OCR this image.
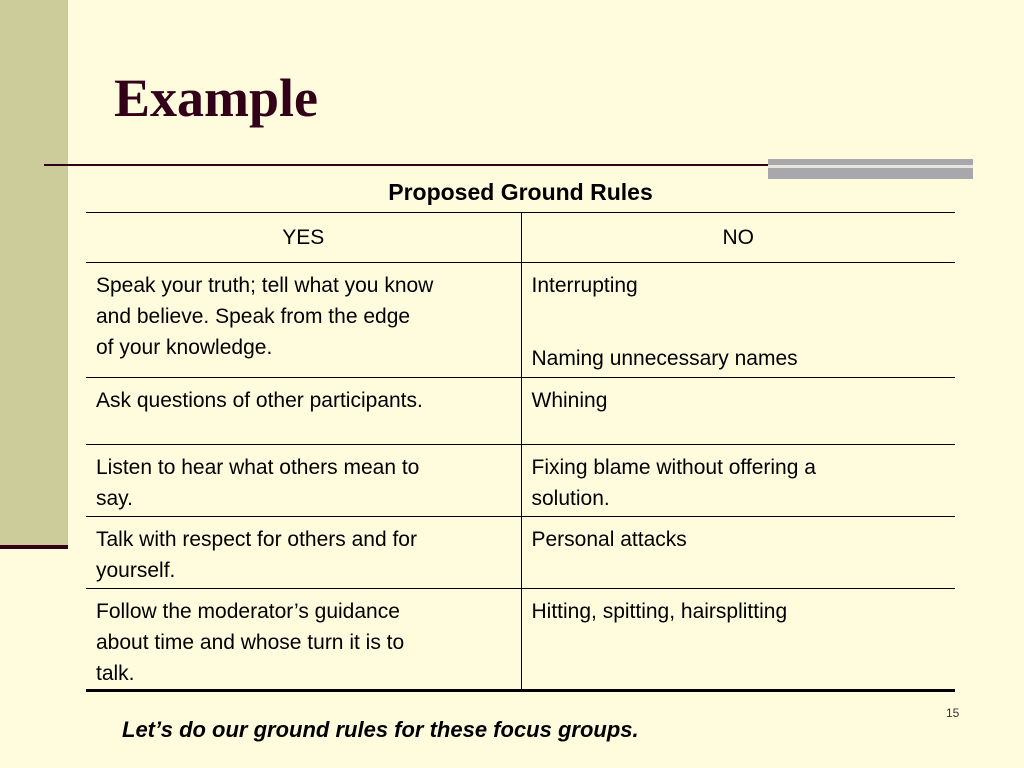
Example
Proposed Ground Rules	
YES	NO

Speak your truth; tell what you know
and believe. Speak from the edge
of your knowledge.	Interrupting
Naming unnecessary names

Ask questions of other participants.	Whining

Listen to hear what others mean to
say.	Fixing blame without offering a
solution.

Talk with respect for others and for
yourself.	Personal attacks

Follow the moderator’s guidance
about time and whose turn it is to
talk.	Hitting, spitting, hairsplitting
15

Let’s do our ground rules for these focus groups.
